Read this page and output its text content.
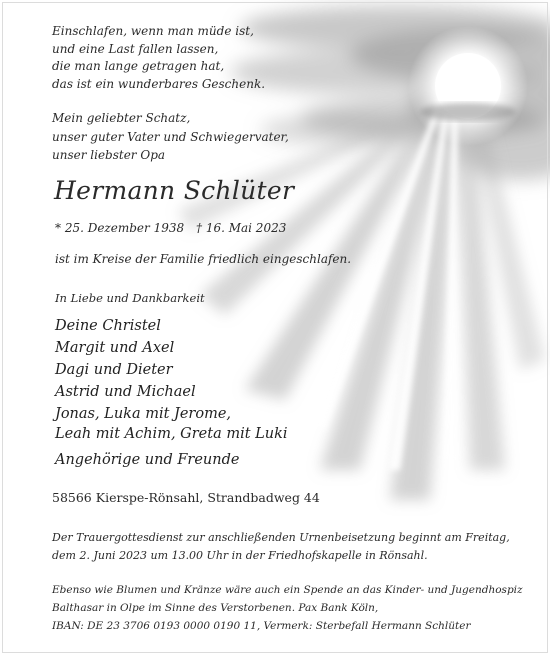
Einschlafen, wenn man müde ist,
und eine Last fallen lassen,
die man lange getragen hat,
das ist ein wunderbares Geschenk.
Mein geliebter Schatz,
unser guter Vater und Schwiegervater,
unser liebster Opa
Hermann Schlüter
* 25. Dezember 1938 † 16. Mai 2023
ist im Kreise der Familie friedlich eingeschlafen.
In Liebe und Dankbarkeit
Deine Christel
Margit und Axel
Dagi und Dieter
Astrid und Michael
Jonas, Luka mit Jerome,
Leah mit Achim, Greta mit Luki
Angehörige und Freunde
58566 Kierspe-Rönsahl, Strandbadweg 44
Der Trauergottesdienst zur anschließenden Urnenbeisetzung beginnt am Freitag,
dem 2. Juni 2023 um 13.00 Uhr in der Friedhofskapelle in Rönsahl.
Ebenso wie Blumen und Kränze wäre auch ein Spende an das Kinder- und Jugendhospiz
Balthasar in Olpe im Sinne des Verstorbenen. Pax Bank Köln,
IBAN: DE 23 3706 0193 0000 0190 11, Vermerk: Sterbefall Hermann Schlüter
